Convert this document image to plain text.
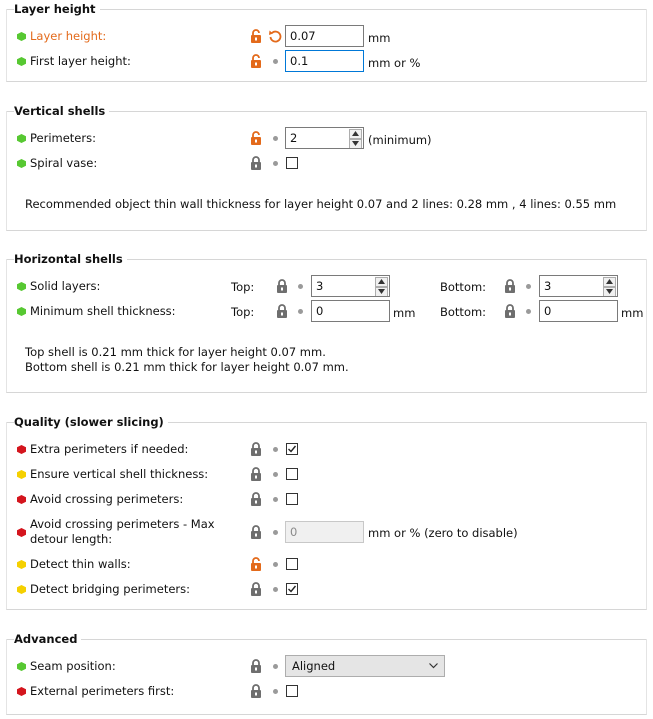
Layer height
Layer height:	0.07	mm
First layer height:	0.1	mm or %
Vertical shells
Perimeters:	2	(minimum)
Spiral vase:
Recommended object thin wall thickness for layer height 0.07 and 2 lines: 0.28 mm , 4 lines: 0.55 mm
Horizontal shells
Solid layers:	Top:	3	Bottom:	3
Minimum shell thickness:	Top:	0	mm Bottom:	0	mm
Top shell is 0.21 mm thick for layer height 0.07 mm.
Bottom shell is 0.21 mm thick for layer height 0.07 mm.
Quality (slower slicing)
Extra perimeters if needed:
Ensure vertical shell thickness:
Avoid crossing perimeters:
Avoid crossing perimeters - Max
detour length:	0	mm or % (zero to disable)
Detect thin walls:
Detect bridging perimeters:
Advanced
Seam position:	Aligned
External perimeters first:
